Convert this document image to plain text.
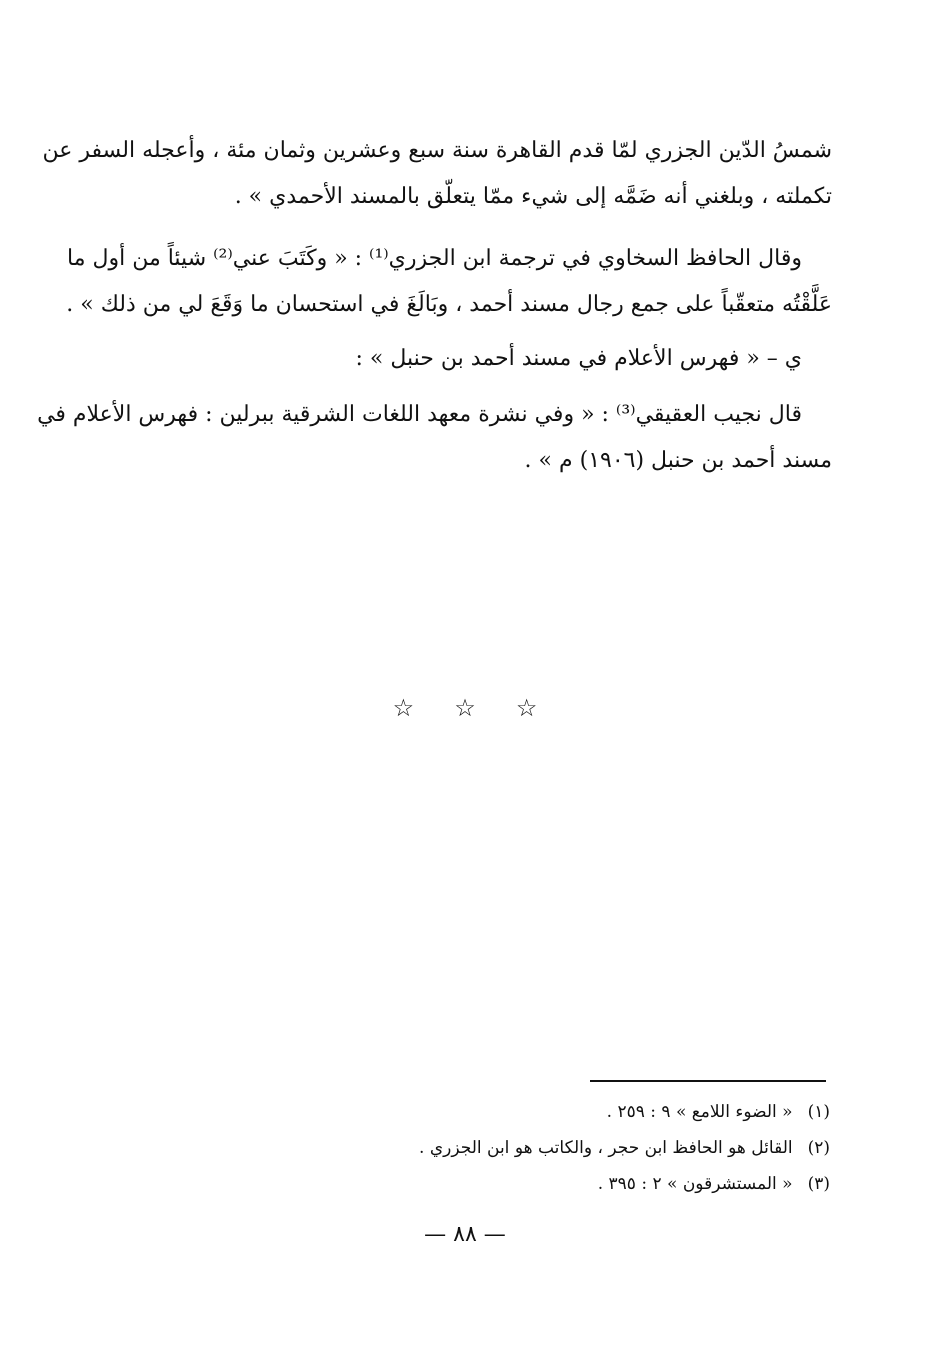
شمسُ الدّين الجزري لمّا قدم القاهرة سنة سبع وعشرين وثمان مئة ، وأعجله السفر عن
تكملته ، وبلغني أنه ضَمَّه إلى شيء ممّا يتعلّق بالمسند الأحمدي » .
وقال الحافظ السخاوي في ترجمة ابن الجزري⁽¹⁾ : « وكَتَبَ عني⁽²⁾ شيئاً من أول ما
عَلَّقْتُه متعقّباً على جمع رجال مسند أحمد ، وبَالَغَ في استحسان ما وَقَعَ لي من ذلك » .
ي – « فهرس الأعلام في مسند أحمد بن حنبل » :
قال نجيب العقيقي⁽³⁾ : « وفي نشرة معهد اللغات الشرقية ببرلين : فهرس الأعلام في
مسند أحمد بن حنبل (١٩٠٦) م » .
☆ ☆ ☆
(١) « الضوء اللامع » ٩ : ٢٥٩ .
(٢) القائل هو الحافظ ابن حجر ، والكاتب هو ابن الجزري .
(٣) « المستشرقون » ٢ : ٣٩٥ .
— ٨٨ —
